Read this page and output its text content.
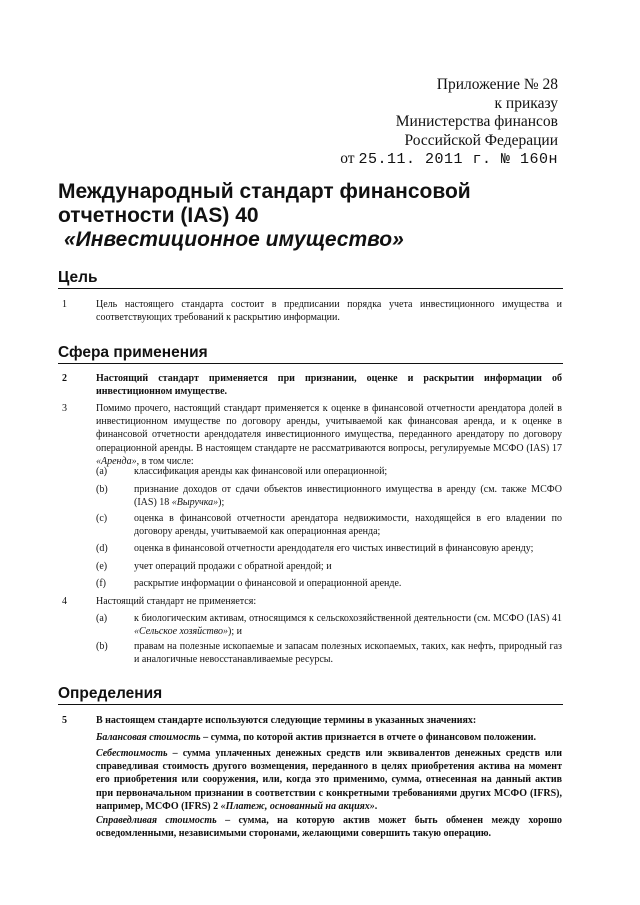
Приложение № 28
к приказу
Министерства финансов
Российской Федерации
от 25.11. 2011 г. № 160н
Международный стандарт финансовой отчетности (IAS) 40
«Инвестиционное имущество»
Цель
1	Цель настоящего стандарта состоит в предписании порядка учета инвестиционного имущества и соответствующих требований к раскрытию информации.
Сфера применения
2	Настоящий стандарт применяется при признании, оценке и раскрытии информации об инвестиционном имуществе.
3	Помимо прочего, настоящий стандарт применяется к оценке в финансовой отчетности арендатора долей в инвестиционном имуществе по договору аренды, учитываемой как финансовая аренда, и к оценке в финансовой отчетности арендодателя инвестиционного имущества, переданного арендатору по договору операционной аренды. В настоящем стандарте не рассматриваются вопросы, регулируемые МСФО (IAS) 17 «Аренда», в том числе:
(a)	классификация аренды как финансовой или операционной;
(b)	признание доходов от сдачи объектов инвестиционного имущества в аренду (см. также МСФО (IAS) 18 «Выручка»);
(c)	оценка в финансовой отчетности арендатора недвижимости, находящейся в его владении по договору аренды, учитываемой как операционная аренда;
(d)	оценка в финансовой отчетности арендодателя его чистых инвестиций в финансовую аренду;
(e)	учет операций продажи с обратной арендой; и
(f)	раскрытие информации о финансовой и операционной аренде.
4	Настоящий стандарт не применяется:
(a)	к биологическим активам, относящимся к сельскохозяйственной деятельности (см. МСФО (IAS) 41 «Сельское хозяйство»); и
(b)	правам на полезные ископаемые и запасам полезных ископаемых, таких, как нефть, природный газ и аналогичные невосстанавливаемые ресурсы.
Определения
5	В настоящем стандарте используются следующие термины в указанных значениях:
Балансовая стоимость – сумма, по которой актив признается в отчете о финансовом положении.
Себестоимость – сумма уплаченных денежных средств или эквивалентов денежных средств или справедливая стоимость другого возмещения, переданного в целях приобретения актива на момент его приобретения или сооружения, или, когда это применимо, сумма, отнесенная на данный актив при первоначальном признании в соответствии с конкретными требованиями других МСФО (IFRS), например, МСФО (IFRS) 2 «Платеж, основанный на акциях».
Справедливая стоимость – сумма, на которую актив может быть обменен между хорошо осведомленными, независимыми сторонами, желающими совершить такую операцию.
